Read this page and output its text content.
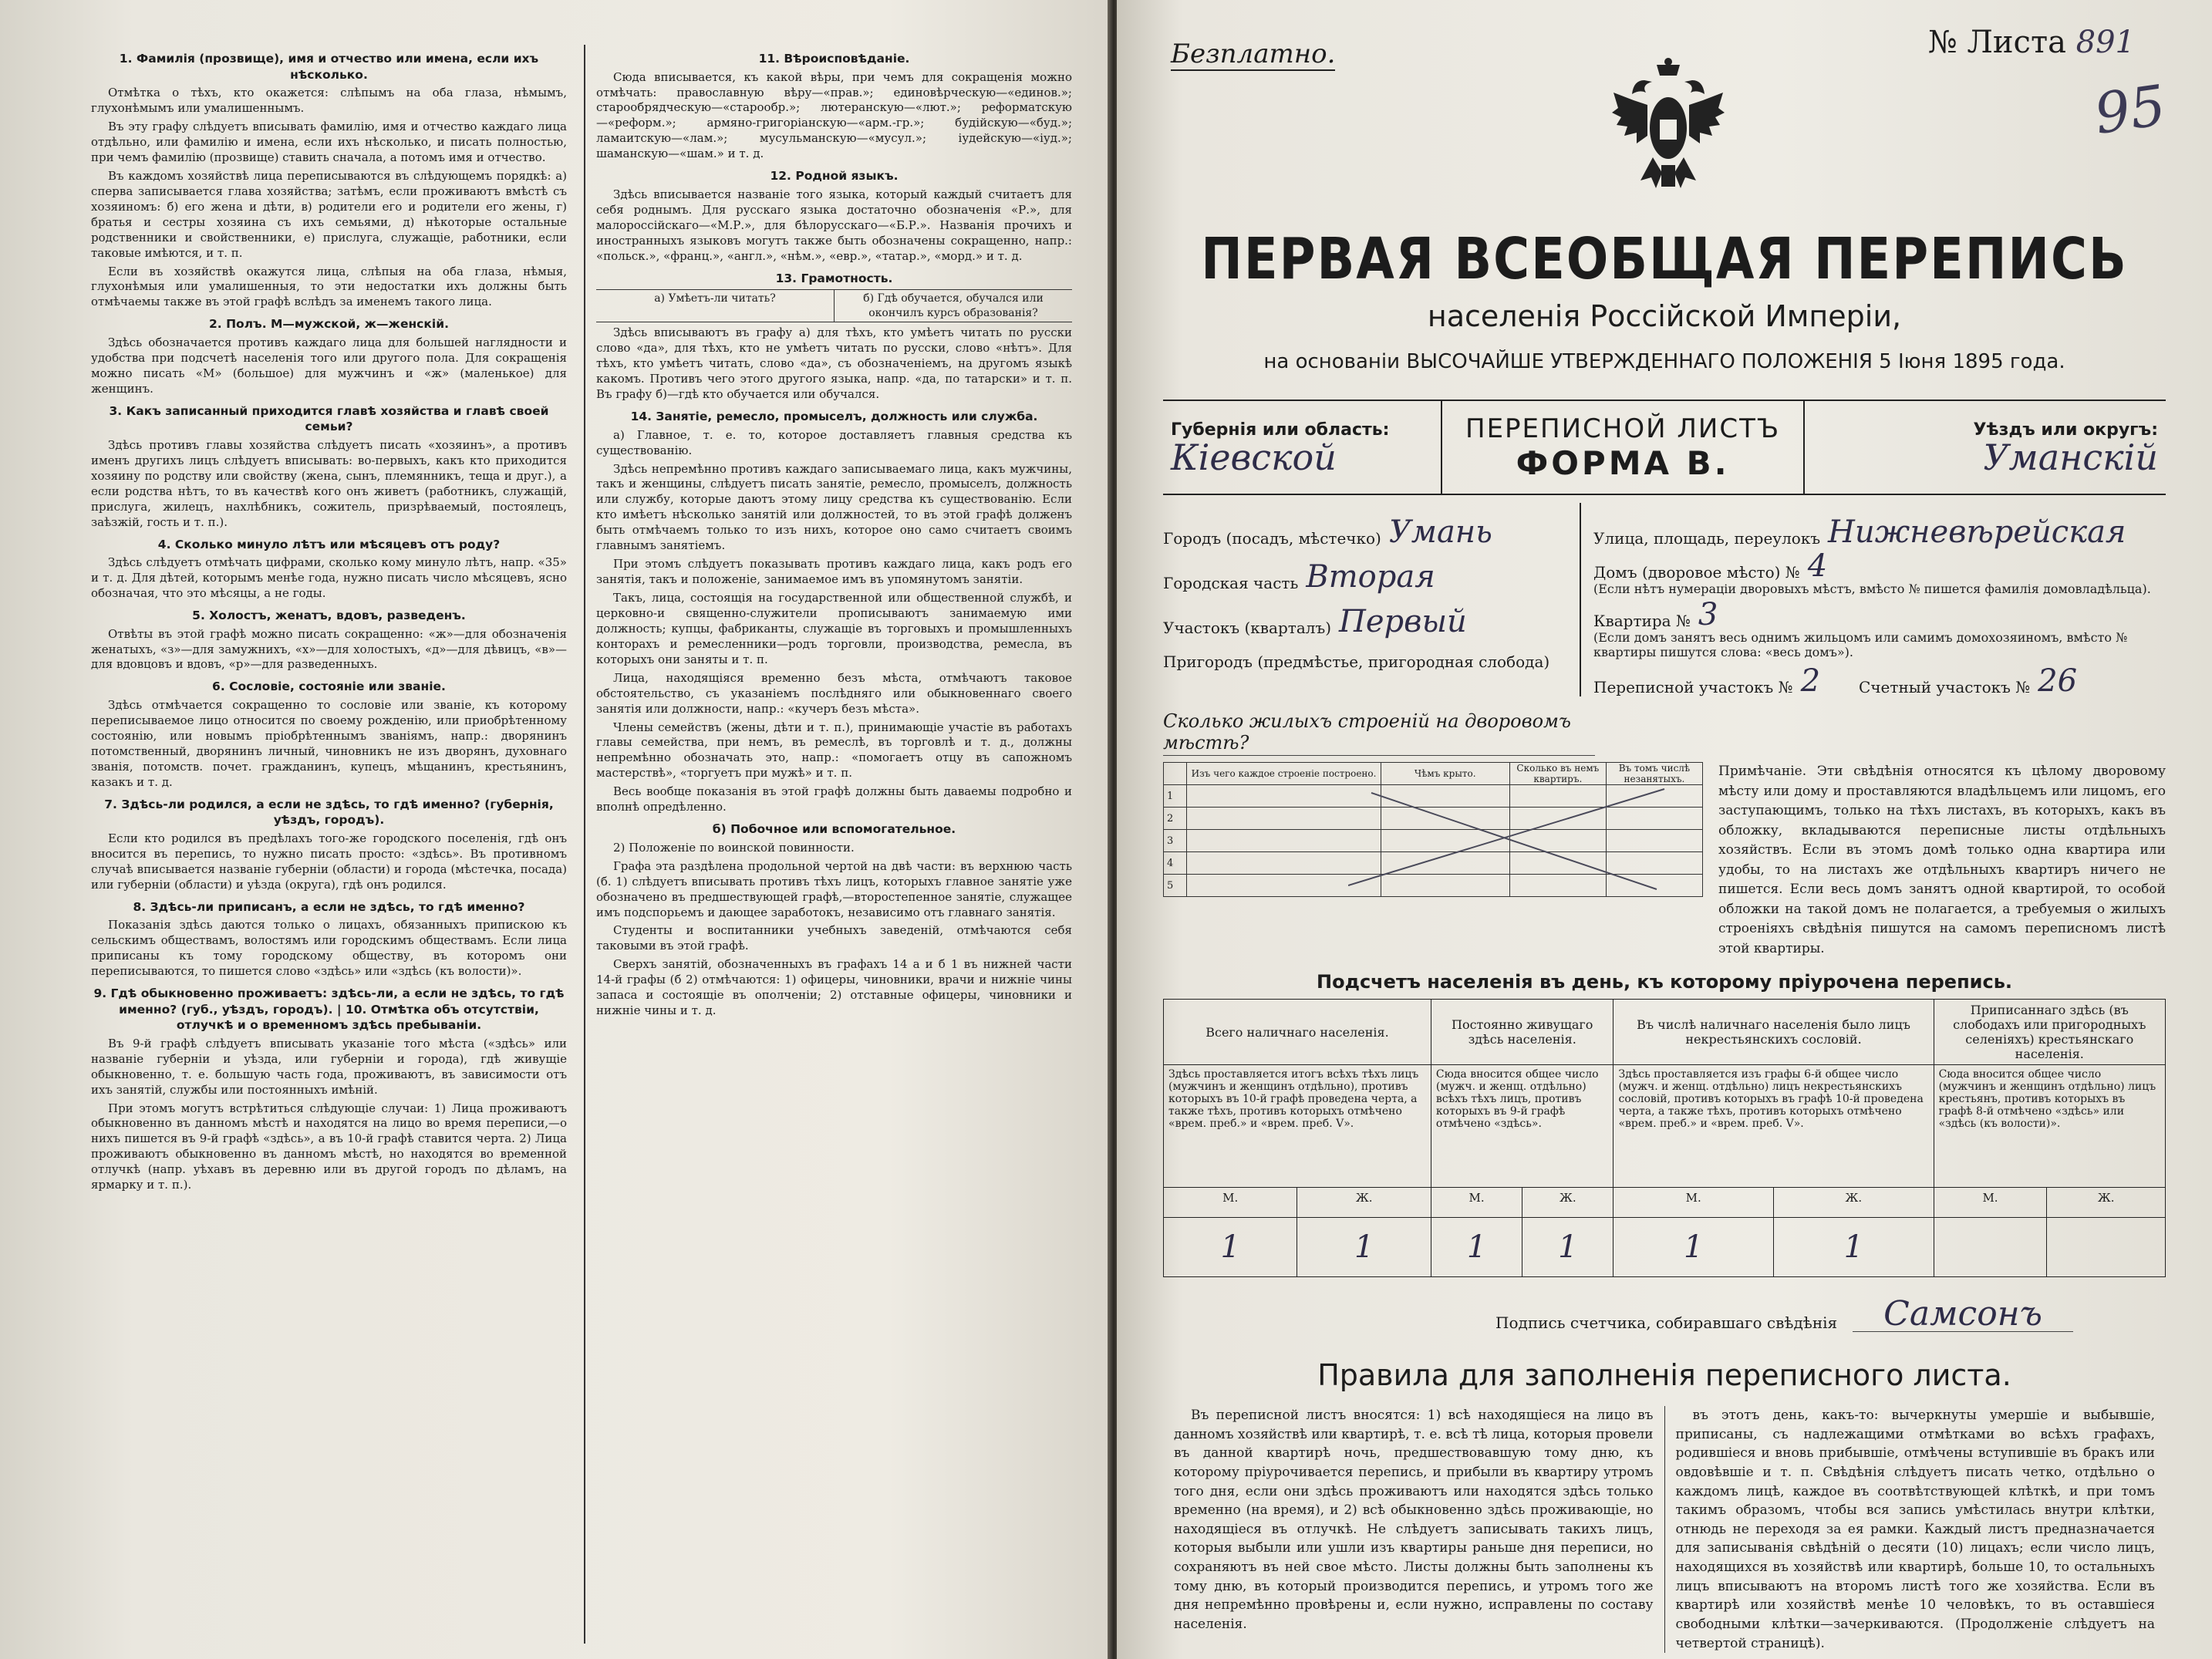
1. Фамилія (прозвище), имя и отчество или имена, если ихъ нѣсколько.

Отмѣтка о тѣхъ, кто окажется: слѣпымъ на оба глаза, нѣмымъ, глухонѣмымъ или умалишеннымъ.

Въ эту графу слѣдуетъ вписывать фамилію, имя и отчество каждаго лица отдѣльно, или фамилію и имена, если ихъ нѣсколько, и писать полностью, при чемъ фамилію (прозвище) ставить сначала, а потомъ имя и отчество.

Въ каждомъ хозяйствѣ лица переписываются въ слѣдующемъ порядкѣ: а) сперва записывается глава хозяйства; затѣмъ, если проживаютъ вмѣстѣ съ хозяиномъ: б) его жена и дѣти, в) родители его и родители его жены, г) братья и сестры хозяина съ ихъ семьями, д) нѣкоторые остальные родственники и свойственники, е) прислуга, служащіе, работники, если таковые имѣются, и т. п.

Если въ хозяйствѣ окажутся лица, слѣпыя на оба глаза, нѣмыя, глухонѣмыя или умалишенныя, то эти недостатки ихъ должны быть отмѣчаемы также въ этой графѣ вслѣдъ за именемъ такого лица.

2. Полъ. М—мужской, ж—женскій.

Здѣсь обозначается противъ каждаго лица для большей наглядности и удобства при подсчетѣ населенія того или другого пола. Для сокращенія можно писать «М» (большое) для мужчинъ и «ж» (маленькое) для женщинъ.

3. Какъ записанный приходится главѣ хозяйства и главѣ своей семьи?

Здѣсь противъ главы хозяйства слѣдуетъ писать «хозяинъ», а противъ именъ другихъ лицъ слѣдуетъ вписывать: во-первыхъ, какъ кто приходится хозяину по родству или свойству (жена, сынъ, племянникъ, теща и друг.), а если родства нѣтъ, то въ качествѣ кого онъ живетъ (работникъ, служащій, прислуга, жилецъ, нахлѣбникъ, сожитель, призрѣваемый, постоялецъ, заѣзжій, гость и т. п.).

4. Сколько минуло лѣтъ или мѣсяцевъ отъ роду?

Здѣсь слѣдуетъ отмѣчать цифрами, сколько кому минуло лѣтъ, напр. «35» и т. д. Для дѣтей, которымъ менѣе года, нужно писать число мѣсяцевъ, ясно обозначая, что это мѣсяцы, а не годы.

5. Холостъ, женатъ, вдовъ, разведенъ.

Отвѣты въ этой графѣ можно писать сокращенно: «ж»—для обозначенія женатыхъ, «з»—для замужнихъ, «х»—для холостыхъ, «д»—для дѣвицъ, «в»—для вдовцовъ и вдовъ, «р»—для разведенныхъ.

6. Сословіе, состояніе или званіе.

Здѣсь отмѣчается сокращенно то сословіе или званіе, къ которому переписываемое лицо относится по своему рожденію, или приобрѣтенному состоянію, или новымъ пріобрѣтеннымъ званіямъ, напр.: дворянинъ потомственный, дворянинъ личный, чиновникъ не изъ дворянъ, духовнаго званія, потомств. почет. гражданинъ, купецъ, мѣщанинъ, крестьянинъ, казакъ и т. д.

7. Здѣсь-ли родился, а если не здѣсь, то гдѣ именно? (губернія, уѣздъ, городъ).

Если кто родился въ предѣлахъ того-же городского поселенія, гдѣ онъ вносится въ перепись, то нужно писать просто: «здѣсь». Въ противномъ случаѣ вписывается названіе губерніи (области) и города (мѣстечка, посада) или губерніи (области) и уѣзда (округа), гдѣ онъ родился.

8. Здѣсь-ли приписанъ, а если не здѣсь, то гдѣ именно?

Показанія здѣсь даются только о лицахъ, обязанныхъ припискою къ сельскимъ обществамъ, волостямъ или городскимъ обществамъ. Если лица приписаны къ тому городскому обществу, въ которомъ они переписываются, то пишется слово «здѣсь» или «здѣсь (къ волости)».

9. Гдѣ обыкновенно проживаетъ: здѣсь-ли, а если не здѣсь, то гдѣ именно? (губ., уѣздъ, городъ). | 10. Отмѣтка объ отсутствіи, отлучкѣ и о временномъ здѣсь пребываніи.

Въ 9-й графѣ слѣдуетъ вписывать указаніе того мѣста («здѣсь» или названіе губерніи и уѣзда, или губерніи и города), гдѣ живущіе обыкновенно, т. е. большую часть года, проживаютъ, въ зависимости отъ ихъ занятій, службы или постоянныхъ имѣній.

При этомъ могутъ встрѣтиться слѣдующіе случаи: 1) Лица проживаютъ обыкновенно въ данномъ мѣстѣ и находятся на лицо во время переписи,—о нихъ пишется въ 9-й графѣ «здѣсь», а въ 10-й графѣ ставится черта. 2) Лица проживаютъ обыкновенно въ данномъ мѣстѣ, но находятся во временной отлучкѣ (напр. уѣхавъ въ деревню или въ другой городъ по дѣламъ, на ярмарку и т. п.).

11. Вѣроисповѣданіе.

Сюда вписывается, къ какой вѣры, при чемъ для сокращенія можно отмѣчать: православную вѣру—«прав.»; единовѣрческую—«единов.»; старообрядческую—«старообр.»; лютеранскую—«лют.»; реформатскую—«реформ.»; армяно-григоріанскую—«арм.-гр.»; будійскую—«буд.»; ламаитскую—«лам.»; мусульманскую—«мусул.»; іудейскую—«іуд.»; шаманскую—«шам.» и т. д.

12. Родной языкъ.

Здѣсь вписывается названіе того языка, который каждый считаетъ для себя роднымъ. Для русскаго языка достаточно обозначенія «Р.», для малороссійскаго—«М.Р.», для бѣлорусскаго—«Б.Р.». Названія прочихъ и иностранныхъ языковъ могутъ также быть обозначены сокращенно, напр.: «польск.», «франц.», «англ.», «нѣм.», «евр.», «татар.», «морд.» и т. д.

13. Грамотность.
а) Умѣетъ-ли читать?	б) Гдѣ обучается, обучался или окончилъ курсъ образованія?

Здѣсь вписываютъ въ графу а) для тѣхъ, кто умѣетъ читать по русски слово «да», для тѣхъ, кто не умѣетъ читать по русски, слово «нѣтъ». Для тѣхъ, кто умѣетъ читать, слово «да», съ обозначеніемъ, на другомъ языкѣ какомъ. Противъ чего этого другого языка, напр. «да, по татарски» и т. п. Въ графу б)—гдѣ кто обучается или обучался.

14. Занятіе, ремесло, промыселъ, должность или служба.

а) Главное, т. е. то, которое доставляетъ главныя средства къ существованію.

Здѣсь непремѣнно противъ каждаго записываемаго лица, какъ мужчины, такъ и женщины, слѣдуетъ писать занятіе, ремесло, промыселъ, должность или службу, которые даютъ этому лицу средства къ существованію. Если кто имѣетъ нѣсколько занятій или должностей, то въ этой графѣ долженъ быть отмѣчаемъ только то изъ нихъ, которое оно само считаетъ своимъ главнымъ занятіемъ.

При этомъ слѣдуетъ показывать противъ каждаго лица, какъ родъ его занятія, такъ и положеніе, занимаемое имъ въ упомянутомъ занятіи.

Такъ, лица, состоящія на государственной или общественной службѣ, и церковно-и священно-служители прописываютъ занимаемую ими должность; купцы, фабриканты, служащіе въ торговыхъ и промышленныхъ конторахъ и ремесленники—родъ торговли, производства, ремесла, въ которыхъ они заняты и т. п.

Лица, находящіяся временно безъ мѣста, отмѣчаютъ таковое обстоятельство, съ указаніемъ послѣдняго или обыкновеннаго своего занятія или должности, напр.: «кучеръ безъ мѣста».

Члены семействъ (жены, дѣти и т. п.), принимающіе участіе въ работахъ главы семейства, при немъ, въ ремеслѣ, въ торговлѣ и т. д., должны непремѣнно обозначать это, напр.: «помогаетъ отцу въ сапожномъ мастерствѣ», «торгуетъ при мужѣ» и т. п.

Весь вообще показанія въ этой графѣ должны быть даваемы подробно и вполнѣ опредѣленно.

б) Побочное или вспомогательное.

2) Положеніе по воинской повинности.

Графа эта раздѣлена продольной чертой на двѣ части: въ верхнюю часть (б. 1) слѣдуетъ вписывать противъ тѣхъ лицъ, которыхъ главное занятіе уже обозначено въ предшествующей графѣ,—второстепенное занятіе, служащее имъ подспорьемъ и дающее заработокъ, независимо отъ главнаго занятія.

Студенты и воспитанники учебныхъ заведеній, отмѣчаются себя таковыми въ этой графѣ.

Сверхъ занятій, обозначенныхъ въ графахъ 14 а и б 1 въ нижней части 14-й графы (б 2) отмѣчаются: 1) офицеры, чиновники, врачи и нижніе чины запаса и состоящіе въ ополченіи; 2) отставные офицеры, чиновники и нижніе чины и т. д.

Безплатно.	№ Листа 891
95
ПЕРВАЯ ВСЕОБЩАЯ ПЕРЕПИСЬ
населенія Россійской Имперіи,
на основаніи ВЫСОЧАЙШЕ УТВЕРЖДЕННАГО ПОЛОЖЕНІЯ 5 Іюня 1895 года.
Губернія или область:
Кіевской
ПЕРЕПИСНОЙ ЛИСТЪ
ФОРМА В.
Уѣздъ или округъ:
Уманскій
Городъ (посадъ, мѣстечко) Умань
Городская часть Вторая
Участокъ (кварталъ) Первый
Пригородъ (предмѣстье, пригородная слобода)
Улица, площадь, переулокъ Нижневѣрейская
Домъ (дворовое мѣсто) № 4
(Если нѣтъ нумераціи дворовыхъ мѣстъ, вмѣсто № пишется фамилія домовладѣльца).
Квартира № 3
(Если домъ занятъ весь однимъ жильцомъ или самимъ домохозяиномъ, вмѣсто № квартиры пишутся слова: «весь домъ»).
Переписной участокъ № 2	Счетный участокъ № 26
Сколько жилыхъ строеній на дворовомъ мѣстѣ?
	Изъ чего каждое строеніе построено.	Чѣмъ крыто.	Сколько въ немъ квартиръ.	Въ томъ числѣ незанятыхъ.
1				
2				
3				
4				
5				
Примѣчаніе. Эти свѣдѣнія относятся къ цѣлому дворовому мѣсту или дому и проставляются владѣльцемъ или лицомъ, его заступающимъ, только на тѣхъ листахъ, въ которыхъ, какъ въ обложку, вкладываются переписные листы отдѣльныхъ хозяйствъ. Если въ этомъ домѣ только одна квартира или удобы, то на листахъ же отдѣльныхъ квартиръ ничего не пишется. Если весь домъ занятъ одной квартирой, то особой обложки на такой домъ не полагается, а требуемыя о жилыхъ строеніяхъ свѣдѣнія пишутся на самомъ переписномъ листѣ этой квартиры.
Подсчетъ населенія въ день, къ которому пріурочена перепись.
Всего наличнаго населенія.		Постоянно живущаго здѣсь населенія.		Въ числѣ наличнаго населенія было лицъ некрестьянскихъ сословій.		Приписаннаго здѣсь (въ слободахъ или пригородныхъ селеніяхъ) крестьянскаго населенія.	
Здѣсь проставляется итогъ всѣхъ тѣхъ лицъ (мужчинъ и женщинъ отдѣльно), противъ которыхъ въ 10-й графѣ проведена черта, а также тѣхъ, противъ которыхъ отмѣчено «врем. преб.» и «врем. преб. V».		Сюда вносится общее число (мужч. и женщ. отдѣльно) всѣхъ тѣхъ лицъ, противъ которыхъ въ 9-й графѣ отмѣчено «здѣсь».		Здѣсь проставляется изъ графы 6-й общее число (мужч. и женщ. отдѣльно) лицъ некрестьянскихъ сословій, противъ которыхъ въ графѣ 10-й проведена черта, а также тѣхъ, противъ которыхъ отмѣчено «врем. преб.» и «врем. преб. V».		Сюда вносится общее число (мужчинъ и женщинъ отдѣльно) лицъ крестьянъ, противъ которыхъ въ графѣ 8-й отмѣчено «здѣсь» или «здѣсь (къ волости)».	
М.	Ж.	М.	Ж.	М.	Ж.	М.	Ж.
1	1	1	1	1	1		
Подпись счетчика, собиравшаго свѣдѣнія	Самсонъ
Правила для заполненія переписного листа.

Въ переписной листъ вносятся: 1) всѣ находящіеся на лицо въ данномъ хозяйствѣ или квартирѣ, т. е. всѣ тѣ лица, которыя провели въ данной квартирѣ ночь, предшествовавшую тому дню, къ которому пріурочивается перепись, и прибыли въ квартиру утромъ того дня, если они здѣсь проживаютъ или находятся здѣсь только временно (на время), и 2) всѣ обыкновенно здѣсь проживающіе, но находящіеся въ отлучкѣ. Не слѣдуетъ записывать такихъ лицъ, которыя выбыли или ушли изъ квартиры раньше дня переписи, но сохраняютъ въ ней свое мѣсто. Листы должны быть заполнены къ тому дню, въ который производится перепись, и утромъ того же дня непремѣнно провѣрены и, если нужно, исправлены по составу населенія.

въ этотъ день, какъ-то: вычеркнуты умершіе и выбывшіе, приписаны, съ надлежащими отмѣтками во всѣхъ графахъ, родившіеся и вновь прибывшіе, отмѣчены вступившіе въ бракъ или овдовѣвшіе и т. п. Свѣдѣнія слѣдуетъ писать четко, отдѣльно о каждомъ лицѣ, каждое въ соотвѣтствующей клѣткѣ, и при томъ такимъ образомъ, чтобы вся запись умѣстилась внутри клѣтки, отнюдь не переходя за ея рамки. Каждый листъ предназначается для записыванія свѣдѣній о десяти (10) лицахъ; если число лицъ, находящихся въ хозяйствѣ или квартирѣ, больше 10, то остальныхъ лицъ вписываютъ на второмъ листѣ того же хозяйства. Если въ квартирѣ или хозяйствѣ менѣе 10 человѣкъ, то въ оставшіеся свободными клѣтки—зачеркиваются. (Продолженіе слѣдуетъ на четвертой страницѣ).
